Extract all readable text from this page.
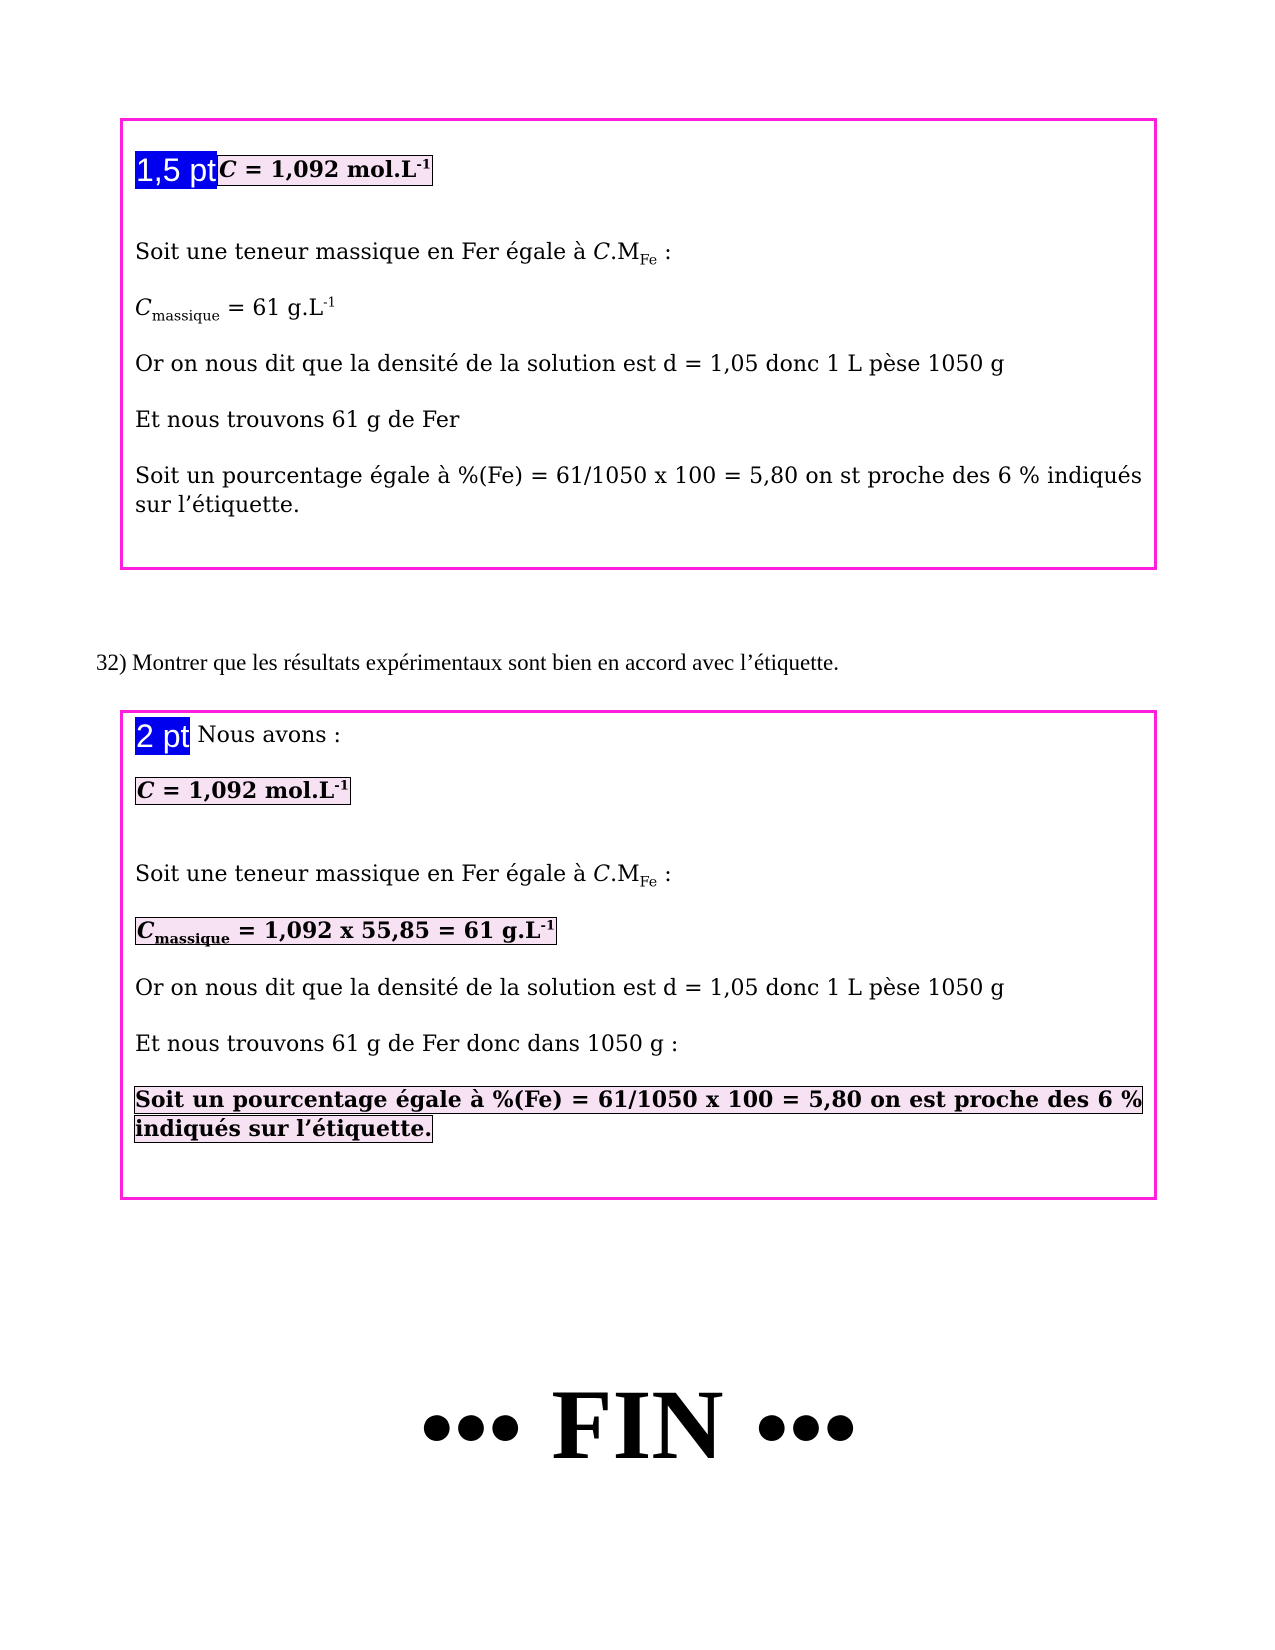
1,5 pt C = 1,092 $mol.L^{-1}$
Soit une teneur massique en Fer égale à $C.M_{Fe}$ :
$C_{massique} = 61$ $g.L^{-1}$
Or on nous dit que la densité de la solution est d = 1,05 donc 1 L pèse 1050 g
Et nous trouvons 61 g de Fer
Soit un pourcentage égale à %(Fe) = 61/1050 x 100 = 5,80 on st proche des 6 % indiqués sur l’étiquette.
32) Montrer que les résultats expérimentaux sont bien en accord avec l’étiquette.
2 pt Nous avons :
C = 1,092 $mol.L^{-1}$
Soit une teneur massique en Fer égale à $C.M_{Fe}$ :
$C_{massique} = 1,092$ x 55,85 = 61 $g.L^{-1}$
Or on nous dit que la densité de la solution est d = 1,05 donc 1 L pèse 1050 g
Et nous trouvons 61 g de Fer donc dans 1050 g :
Soit un pourcentage égale à %(Fe) = 61/1050 x 100 = 5,80 on est proche des 6 % indiqués sur l’étiquette.
●●● FIN ●●●
